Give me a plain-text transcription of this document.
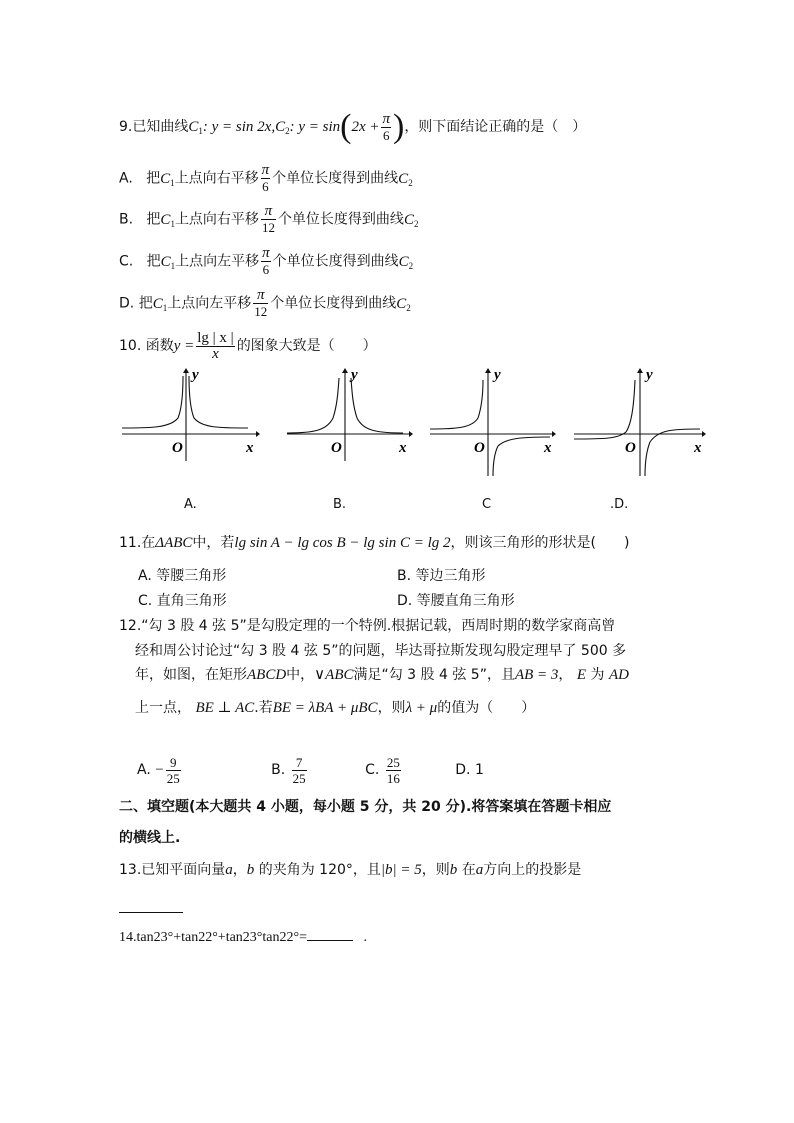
9.已知曲线$C_1$: $y = \sin 2x,C_2$: $y = \sin(2x + \frac{\pi}{6}$ )，则下面结论正确的是（　）
A. 把$C_1$上点向右平移 $\frac{\pi}{6}$ 个单位长度得到曲线$C_2$
B. 把$C_1$上点向右平移 $\frac{\pi}{12}$ 个单位长度得到曲线$C_2$
C. 把$C_1$上点向左平移 $\frac{\pi}{6}$ 个单位长度得到曲线$C_2$
D. 把$C_1$上点向左平移 $\frac{\pi}{12}$ 个单位长度得到曲线$C_2$
10. 函数$y = \frac{\lg | x |}{x}$ 的图象大致是（　　）
y
x
O
y
x
O
y
x
O
y
x
O
A.	B.	C	.D.
11.在ΔABC中，若lg sin A − lg cos B − lg sin C = lg 2，则该三角形的形状是(　　)
A. 等腰三角形	B. 等边三角形
C. 直角三角形	D. 等腰直角三角形
12.“勾 3 股 4 弦 5”是勾股定理的一个特例.根据记载，西周时期的数学家商高曾
经和周公讨论过“勾 3 股 4 弦 5”的问题，毕达哥拉斯发现勾股定理早了 500 多
年，如图，在矩形ABCD中，∨ABC满足“勾 3 股 4 弦 5”，且AB = 3， E 为 AD
上一点， BE ⊥ AC.若BE = λBA + μBC，则λ + μ的值为（　　）
A. − $\frac{9}{25}$	B. $\frac{7}{25}$	C. $\frac{25}{16}$	D. 1
二、填空题(本大题共 4 小题，每小题 5 分，共 20 分).将答案填在答题卡相应
的横线上.
13.已知平面向量a，b 的夹角为 120°，且|b| = 5，则b 在a方向上的投影是
14.tan23°+tan22°+tan23°tan22°=	.
